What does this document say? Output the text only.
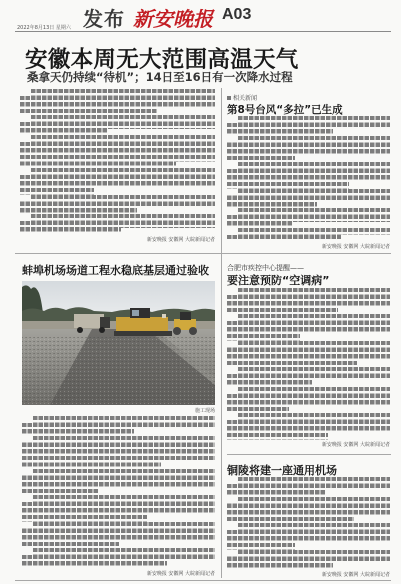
发布 新安晚报 A03
2022年8月13日 星期六
安徽本周无大范围高温天气
桑拿天仍持续“待机”；14日至16日有一次降水过程
新安晚报 安徽网 大皖新闻记者
相关新闻
第8号台风“多拉”已生成
新安晚报 安徽网 大皖新闻记者
蚌埠机场场道工程水稳底基层通过验收
施工现场
新安晚报 安徽网 大皖新闻记者
合肥市疾控中心提醒——
要注意预防“空调病”
新安晚报 安徽网 大皖新闻记者
铜陵将建一座通用机场
新安晚报 安徽网 大皖新闻记者
